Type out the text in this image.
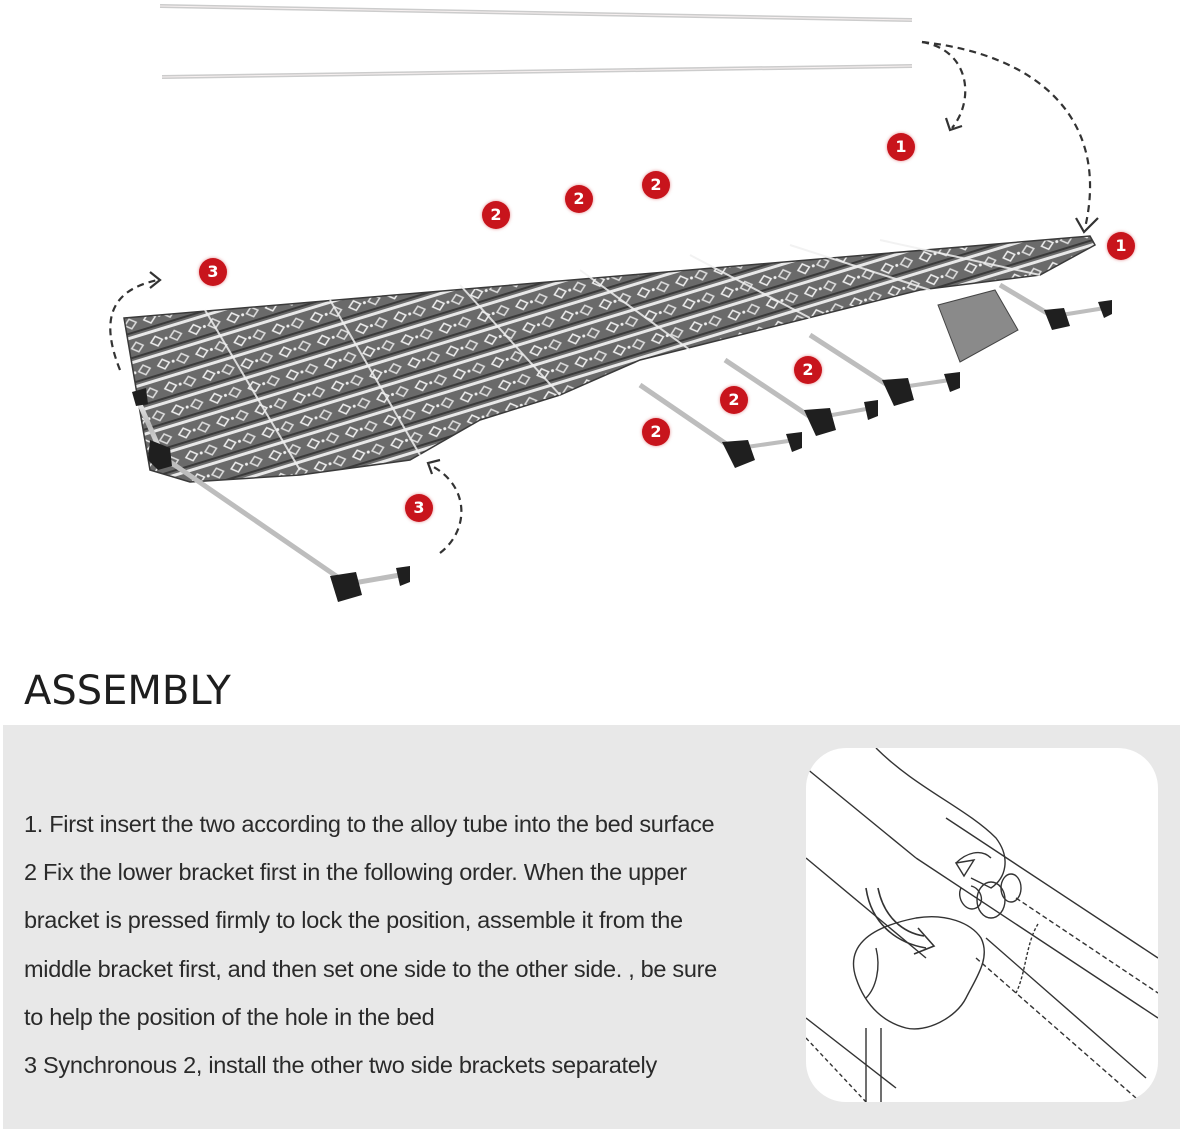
1
1
2
2
2
2
2
2
3
3
ASSEMBLY
1. First insert the two according to the alloy tube into the bed surface
2 Fix the lower bracket first in the following order. When the upper
bracket is pressed firmly to lock the position, assemble it from the
middle bracket first, and then set one side to the other side. , be sure
to help the position of the hole in the bed
3 Synchronous 2, install the other two side brackets separately
